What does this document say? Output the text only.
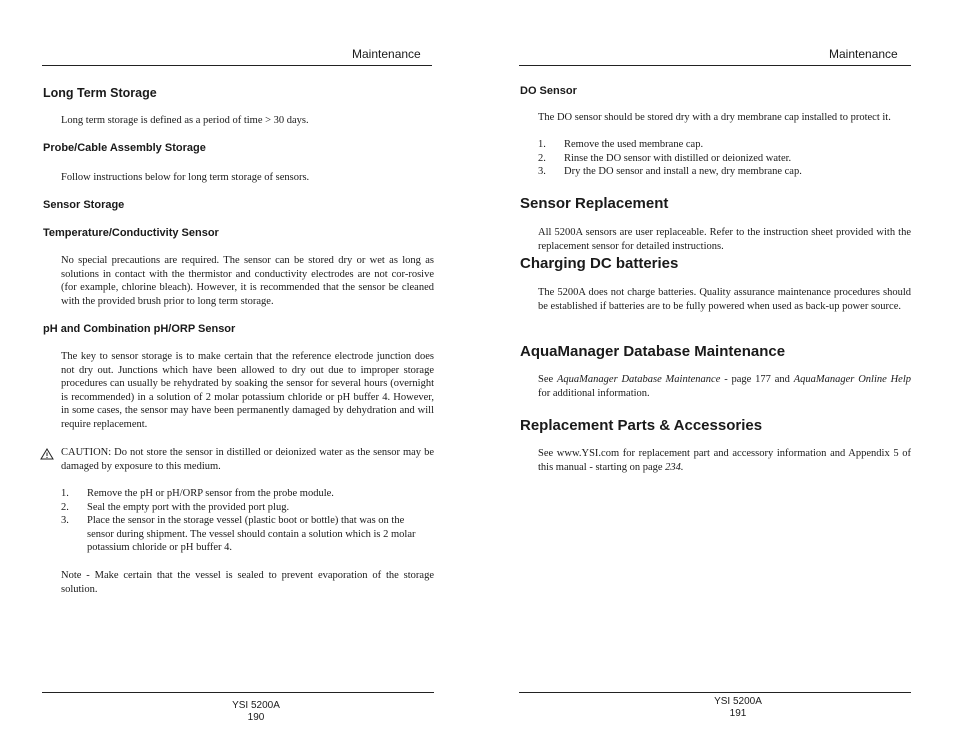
Maintenance
Long Term Storage

Long term storage is defined as a period of time > 30 days.

Probe/Cable Assembly Storage

Follow instructions below for long term storage of sensors.

Sensor Storage
Temperature/Conductivity Sensor

No special precautions are required. The sensor can be stored dry or wet as long as solutions in contact with the thermistor and conductivity electrodes are not cor-rosive (for example, chlorine bleach). However, it is recommended that the sensor be cleaned with the provided brush prior to long term storage.

pH and Combination pH/ORP Sensor

The key to sensor storage is to make certain that the reference electrode junction does not dry out. Junctions which have been allowed to dry out due to improper storage procedures can usually be rehydrated by soaking the sensor for several hours (overnight is recommended) in a solution of 2 molar potassium chloride or pH buffer 4. However, in some cases, the sensor may have been permanently damaged by dehydration and will require replacement.

CAUTION: Do not store the sensor in distilled or deionized water as the sensor may be damaged by exposure to this medium.

1. Remove the pH or pH/ORP sensor from the probe module.
2. Seal the empty port with the provided port plug.
3. Place the sensor in the storage vessel (plastic boot or bottle) that was on the sensor during shipment. The vessel should contain a solution which is 2 molar potassium chloride or pH buffer 4.

Note - Make certain that the vessel is sealed to prevent evaporation of the storage solution.

YSI 5200A
190
Maintenance
DO Sensor

The DO sensor should be stored dry with a dry membrane cap installed to protect it.

1. Remove the used membrane cap.
2. Rinse the DO sensor with distilled or deionized water.
3. Dry the DO sensor and install a new, dry membrane cap.
Sensor Replacement

All 5200A sensors are user replaceable. Refer to the instruction sheet provided with the replacement sensor for detailed instructions.

Charging DC batteries

The 5200A does not charge batteries. Quality assurance maintenance procedures should be established if batteries are to be fully powered when used as back-up power source.

AquaManager Database Maintenance

See AquaManager Database Maintenance - page 177 and AquaManager Online Help for additional information.

Replacement Parts & Accessories

See www.YSI.com for replacement part and accessory information and Appendix 5 of this manual - starting on page 234.

YSI 5200A
191
